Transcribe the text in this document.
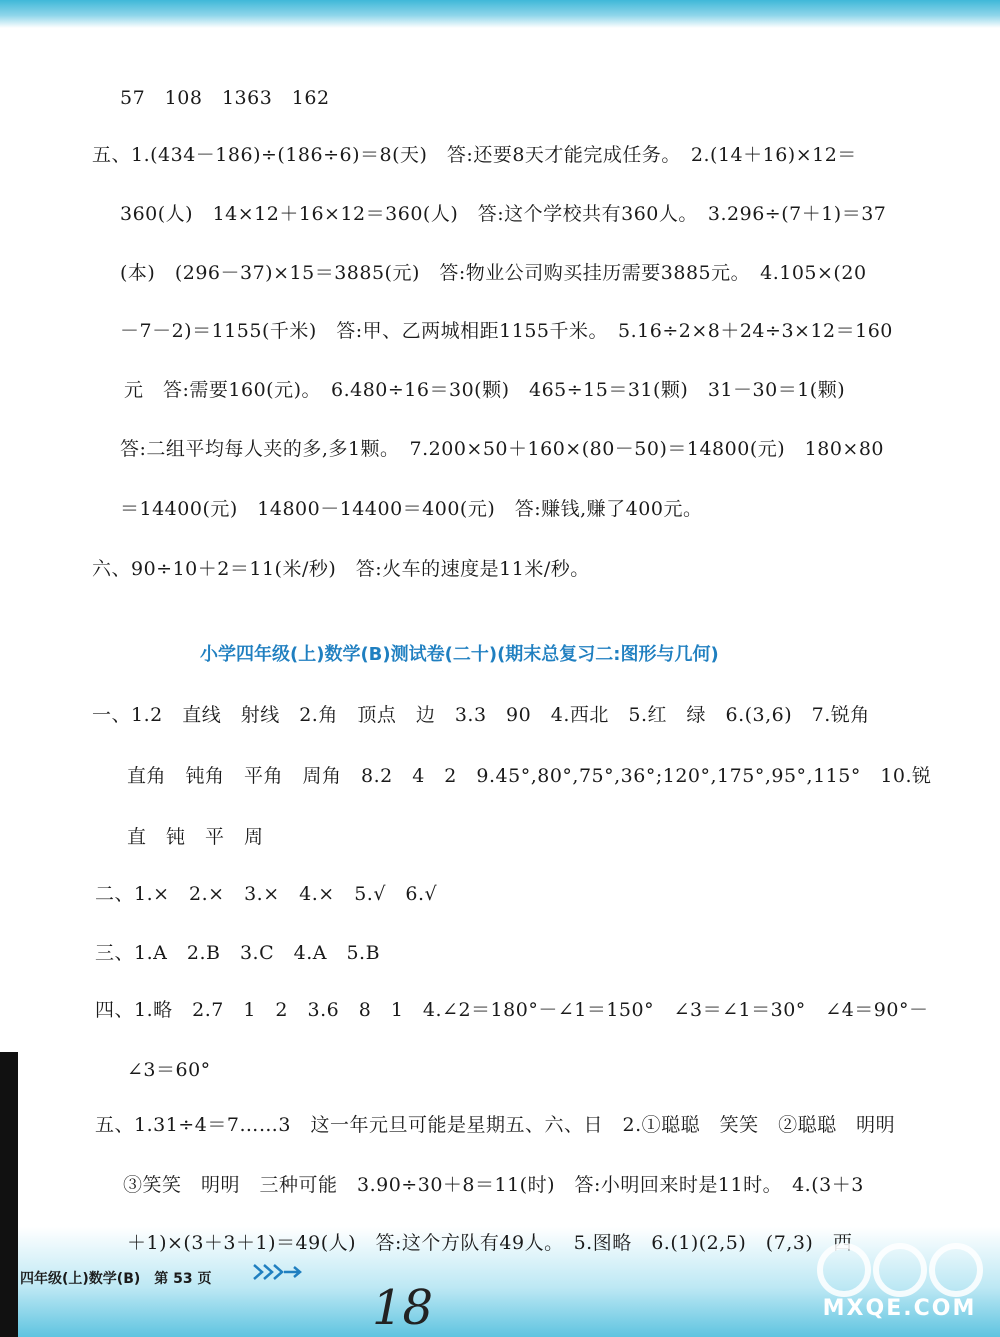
57　108　1363　162
五、1.(434－186)÷(186÷6)＝8(天)　答:还要8天才能完成任务。　2.(14＋16)×12＝
360(人)　14×12＋16×12＝360(人)　答:这个学校共有360人。　3.296÷(7＋1)＝37
(本)　(296－37)×15＝3885(元)　答:物业公司购买挂历需要3885元。　4.105×(20
－7－2)＝1155(千米)　答:甲、乙两城相距1155千米。　5.16÷2×8＋24÷3×12＝160
元　答:需要160(元)。　6.480÷16＝30(颗)　465÷15＝31(颗)　31－30＝1(颗)
答:二组平均每人夹的多,多1颗。　7.200×50＋160×(80－50)＝14800(元)　180×80
＝14400(元)　14800－14400＝400(元)　答:赚钱,赚了400元。
六、90÷10＋2＝11(米/秒)　答:火车的速度是11米/秒。
小学四年级(上)数学(B)测试卷(二十)(期末总复习二:图形与几何)
一、1.2　直线　射线　2.角　顶点　边　3.3　90　4.西北　5.红　绿　6.(3,6)　7.锐角
直角　钝角　平角　周角　8.2　4　2　9.45°,80°,75°,36°;120°,175°,95°,115°　10.锐
直　钝　平　周
二、1.×　2.×　3.×　4.×　5.√　6.√
三、1.A　2.B　3.C　4.A　5.B
四、1.略　2.7　1　2　3.6　8　1　4.∠2＝180°－∠1＝150°　∠3＝∠1＝30°　∠4＝90°－
∠3＝60°
五、1.31÷4＝7……3　这一年元旦可能是星期五、六、日　2.①聪聪　笑笑　②聪聪　明明
③笑笑　明明　三种可能　3.90÷30＋8＝11(时)　答:小明回来时是11时。　4.(3＋3
＋1)×(3＋3＋1)＝49(人)　答:这个方队有49人。　5.图略　6.(1)(2,5)　(7,3)　西
四年级(上)数学(B)　第 53 页
18	MXQE.COM
